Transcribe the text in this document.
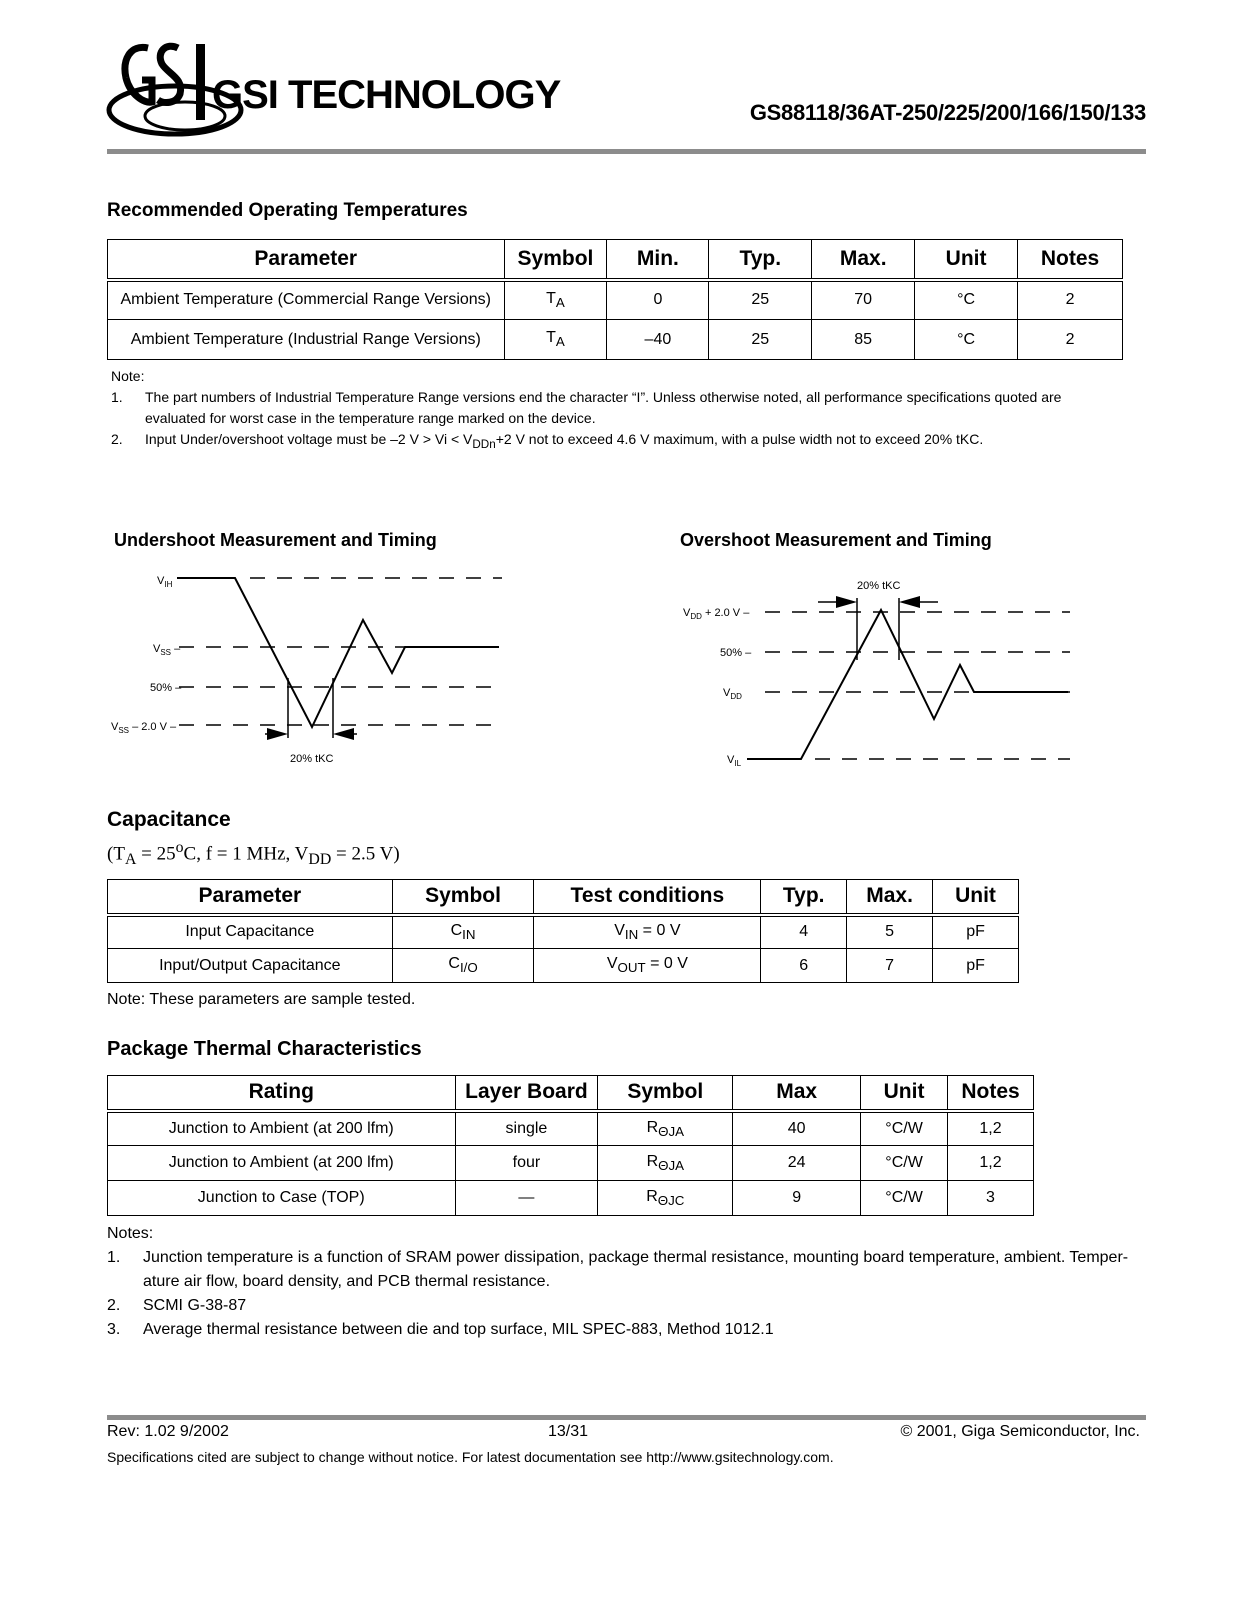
GSI TECHNOLOGY	GS88118/36AT-250/225/200/166/150/133
Recommended Operating Temperatures
Parameter	Symbol	Min.	Typ.	Max.	Unit	Notes
Ambient Temperature (Commercial Range Versions)	$T_A$	0	25	70	°C	2
Ambient Temperature (Industrial Range Versions)	$T_A$	–40	25	85	°C	2
Note:
1. The part numbers of Industrial Temperature Range versions end the character “I”. Unless otherwise noted, all performance specifications quoted are evaluated for worst case in the temperature range marked on the device.
2. Input Under/overshoot voltage must be –2 $V > Vi < V_{DDn}+2$ V not to exceed 4.6 V maximum, with a pulse width not to exceed 20% tKC.
Undershoot Measurement and Timing
$V_{IH}$
$V_{SS}$ –
50% –
$V_{SS} - 2.0$ V –
20% tKC
Overshoot Measurement and Timing
20% tKC
$V_{DD} + 2.0$ V –
50% –
$V_{DD}$
$V_{IL}$
Capacitance
($T_A = 25^oC$, f = 1 MHz, $V_{DD} = 2.5$ V)
Parameter	Symbol	Test conditions	Typ.	Max.	Unit
Input Capacitance	$C_{IN}$	$V_{IN} = 0$ V	4	5	pF
Input/Output Capacitance	$C_{I/O}$	$V_{OUT} = 0$ V	6	7	pF
Note: These parameters are sample tested.
Package Thermal Characteristics
Rating	Layer Board	Symbol	Max	Unit	Notes
Junction to Ambient (at 200 lfm)	single	$R_{\Theta JA}$	40	°C/W	1,2
Junction to Ambient (at 200 lfm)	four	$R_{\Theta JA}$	24	°C/W	1,2
Junction to Case (TOP)	—	$R_{\Theta JC}$	9	°C/W	3
Notes:
1. Junction temperature is a function of SRAM power dissipation, package thermal resistance, mounting board temperature, ambient. Temper-ature air flow, board density, and PCB thermal resistance.
2. SCMI G-38-87
3. Average thermal resistance between die and top surface, MIL SPEC-883, Method 1012.1
Rev: 1.02 9/2002	13/31	© 2001, Giga Semiconductor, Inc.
Specifications cited are subject to change without notice. For latest documentation see http://www.gsitechnology.com.
